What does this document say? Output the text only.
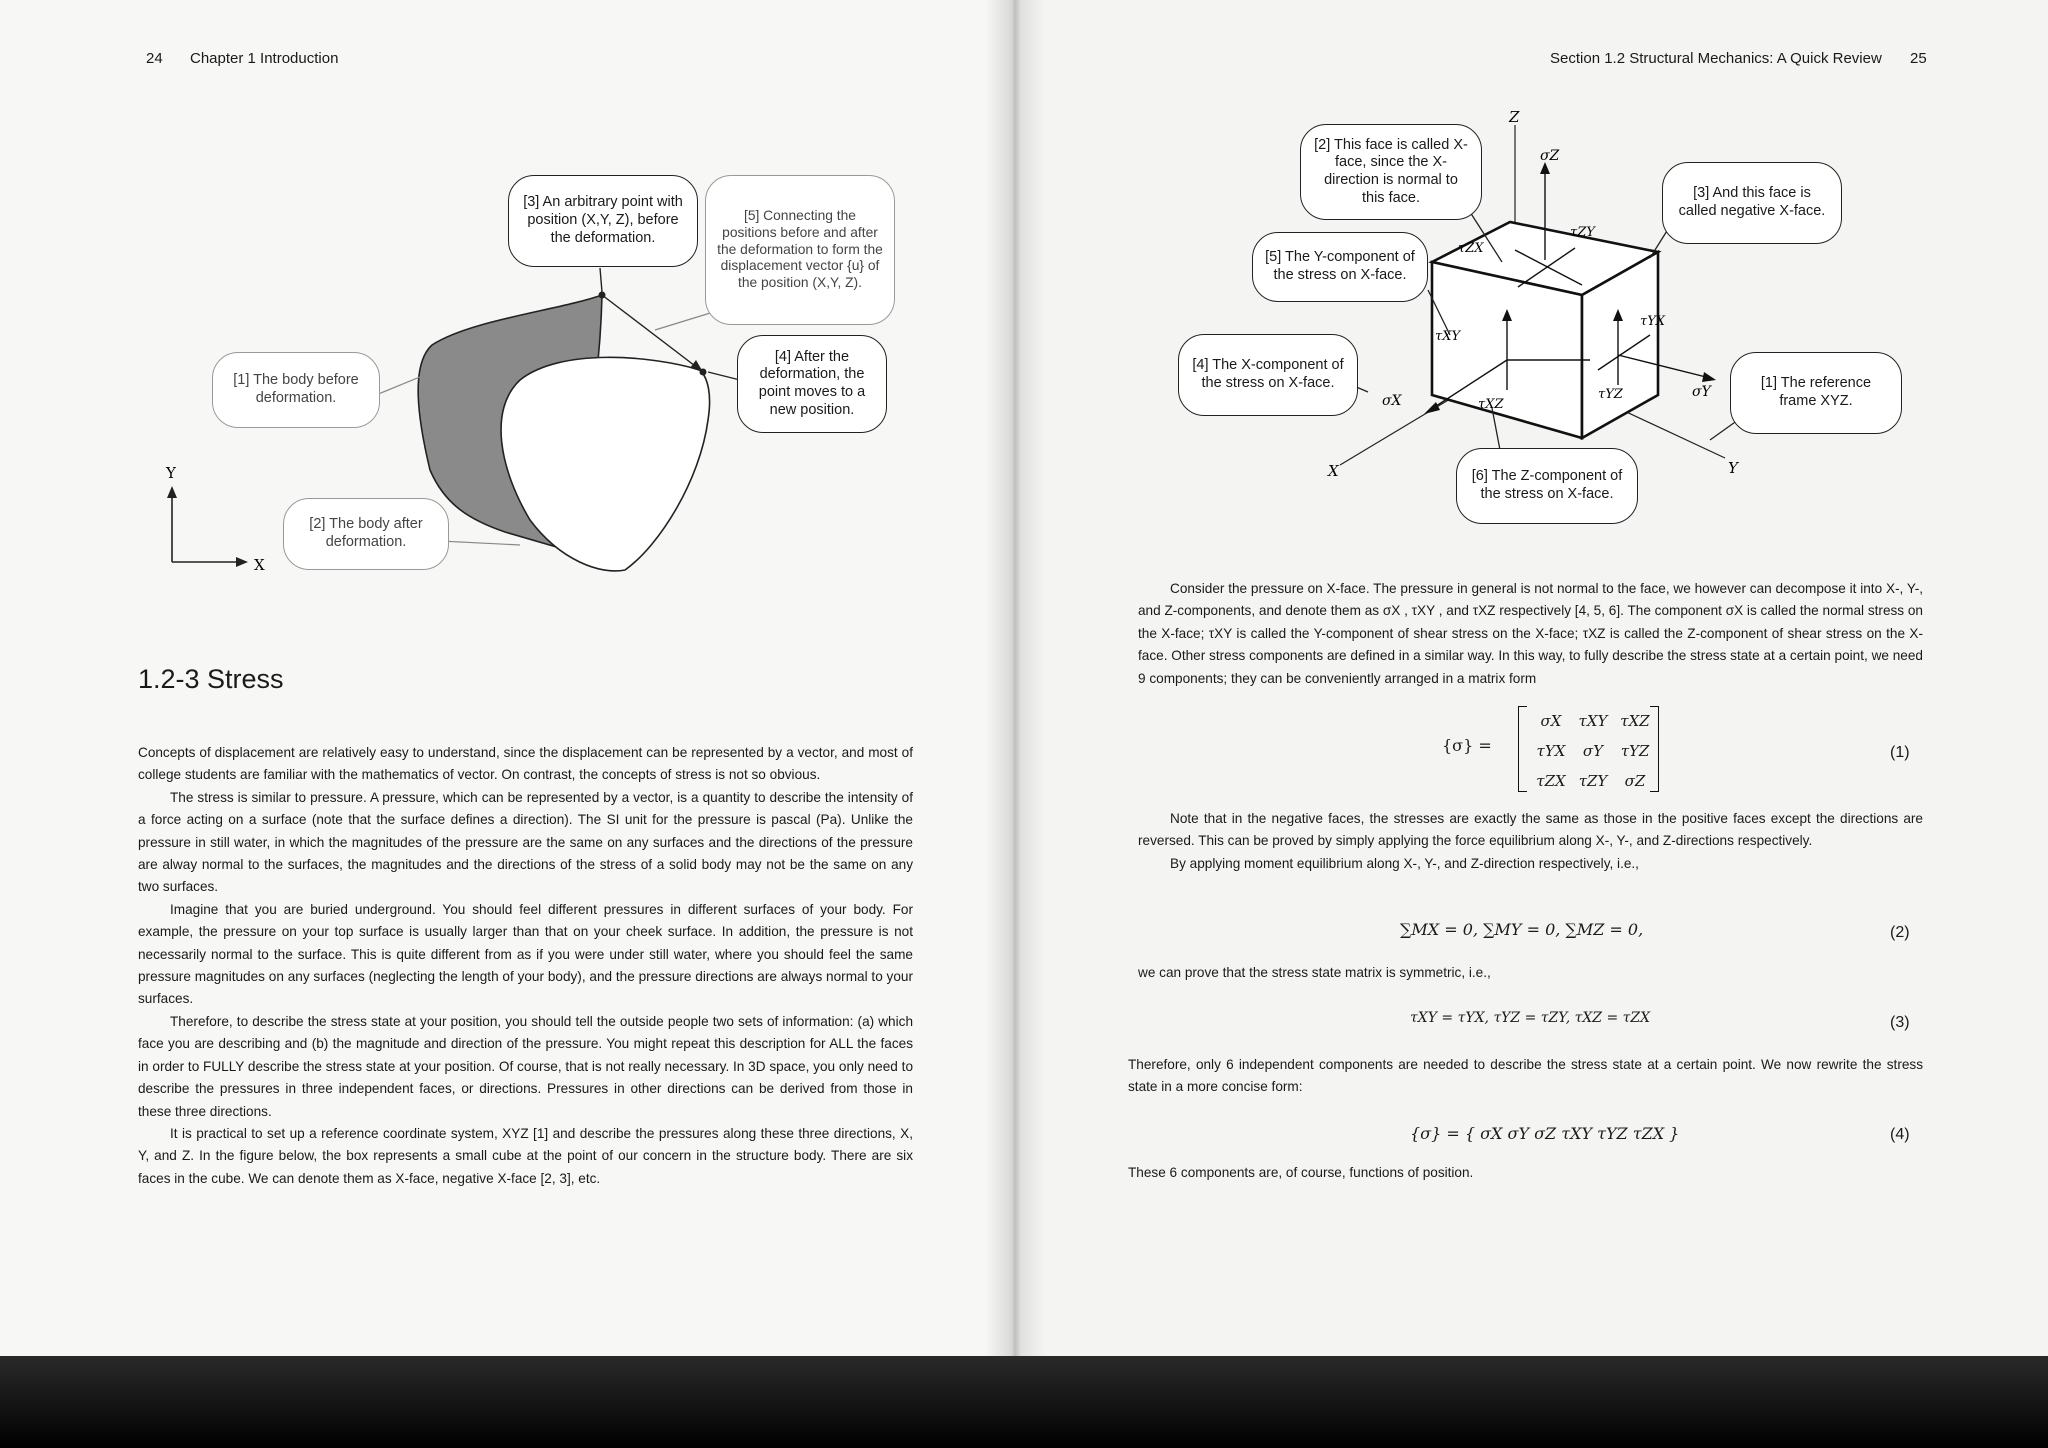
24 Chapter 1 Introduction
Y
X
[1] The body before deformation.
[2] The body after deformation.
[3] An arbitrary point with position (X,Y, Z), before the deformation.
[4] After the deformation, the point moves to a new position.
[5] Connecting the positions before and after the deformation to form the displacement vector {u} of the position (X,Y, Z).
1.2-3 Stress

Concepts of displacement are relatively easy to understand, since the displacement can be represented by a vector, and most of college students are familiar with the mathematics of vector. On contrast, the concepts of stress is not so obvious.

The stress is similar to pressure. A pressure, which can be represented by a vector, is a quantity to describe the intensity of a force acting on a surface (note that the surface defines a direction). The SI unit for the pressure is pascal (Pa). Unlike the pressure in still water, in which the magnitudes of the pressure are the same on any surfaces and the directions of the pressure are alway normal to the surfaces, the magnitudes and the directions of the stress of a solid body may not be the same on any two surfaces.

Imagine that you are buried underground. You should feel different pressures in different surfaces of your body. For example, the pressure on your top surface is usually larger than that on your cheek surface. In addition, the pressure is not necessarily normal to the surface. This is quite different from as if you were under still water, where you should feel the same pressure magnitudes on any surfaces (neglecting the length of your body), and the pressure directions are always normal to your surfaces.

Therefore, to describe the stress state at your position, you should tell the outside people two sets of information: (a) which face you are describing and (b) the magnitude and direction of the pressure. You might repeat this description for ALL the faces in order to FULLY describe the stress state at your position. Of course, that is not really necessary. In 3D space, you only need to describe the pressures in three independent faces, or directions. Pressures in other directions can be derived from those in these three directions.

It is practical to set up a reference coordinate system, XYZ [1] and describe the pressures along these three directions, X, Y, and Z. In the figure below, the box represents a small cube at the point of our concern in the structure body. There are six faces in the cube. We can denote them as X-face, negative X-face [2, 3], etc.

Section 1.2 Structural Mechanics: A Quick Review 25
Z
X	Y
σZ
σX
σY
τZX
τZY
τXY
τXZ
τYX
τYZ
[2] This face is called X-face, since the X-direction is normal to this face.	[3] And this face is called negative X-face.
[5] The Y-component of the stress on X-face.
[4] The X-component of the stress on X-face.	[1] The reference frame XYZ.
[6] The Z-component of the stress on X-face.

Consider the pressure on X-face. The pressure in general is not normal to the face, we however can decompose it into X-, Y-, and Z-components, and denote them as σX , τXY , and τXZ respectively [4, 5, 6]. The component σX is called the normal stress on the X-face; τXY is called the Y-component of shear stress on the X-face; τXZ is called the Z-component of shear stress on the X-face. Other stress components are defined in a similar way. In this way, to fully describe the stress state at a certain point, we need 9 components; they can be conveniently arranged in a matrix form

{σ} =
σX	τXY	τXZ
τYX	σY	τYZ
τZX	τZY	σZ
(1)

Note that in the negative faces, the stresses are exactly the same as those in the positive faces except the directions are reversed. This can be proved by simply applying the force equilibrium along X-, Y-, and Z-directions respectively.

By applying moment equilibrium along X-, Y-, and Z-direction respectively, i.e.,

∑MX = 0, ∑MY = 0, ∑MZ = 0,	(2)

we can prove that the stress state matrix is symmetric, i.e.,

τXY = τYX, τYZ = τZY, τXZ = τZX	(3)

Therefore, only 6 independent components are needed to describe the stress state at a certain point. We now rewrite the stress state in a more concise form:

{σ} = { σX σY σZ τXY τYZ τZX }	(4)

These 6 components are, of course, functions of position.
